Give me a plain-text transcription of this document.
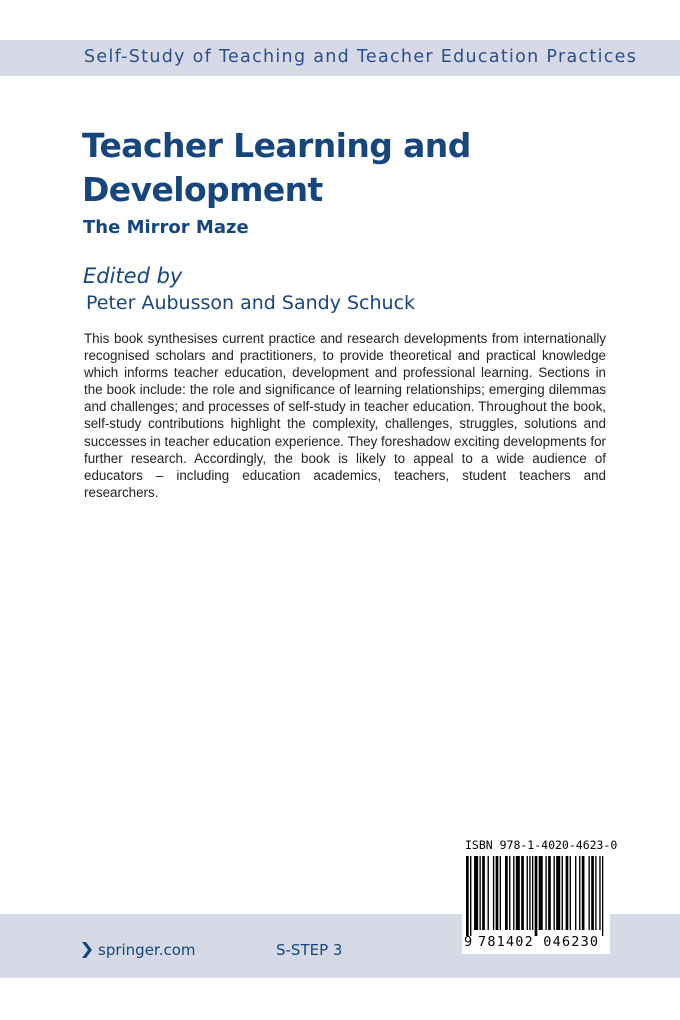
Self-Study of Teaching and Teacher Education Practices
Teacher Learning and Development
The Mirror Maze
Edited by
Peter Aubusson and Sandy Schuck

This book synthesises current practice and research developments from internationally recognised scholars and practitioners, to provide theoretical and practical knowledge which informs teacher education, development and professional learning. Sections in the book include: the role and significance of learning relationships; emerging dilemmas and challenges; and processes of self-study in teacher education. Throughout the book, self-study contributions highlight the complexity, challenges, struggles, solutions and successes in teacher education experience. They foreshadow exciting developments for further research. Accordingly, the book is likely to appeal to a wide audience of educators – including education academics, teachers, student teachers and researchers.

springer.com	S-STEP 3
ISBN 978-1-4020-4623-0
9 781402 046230
